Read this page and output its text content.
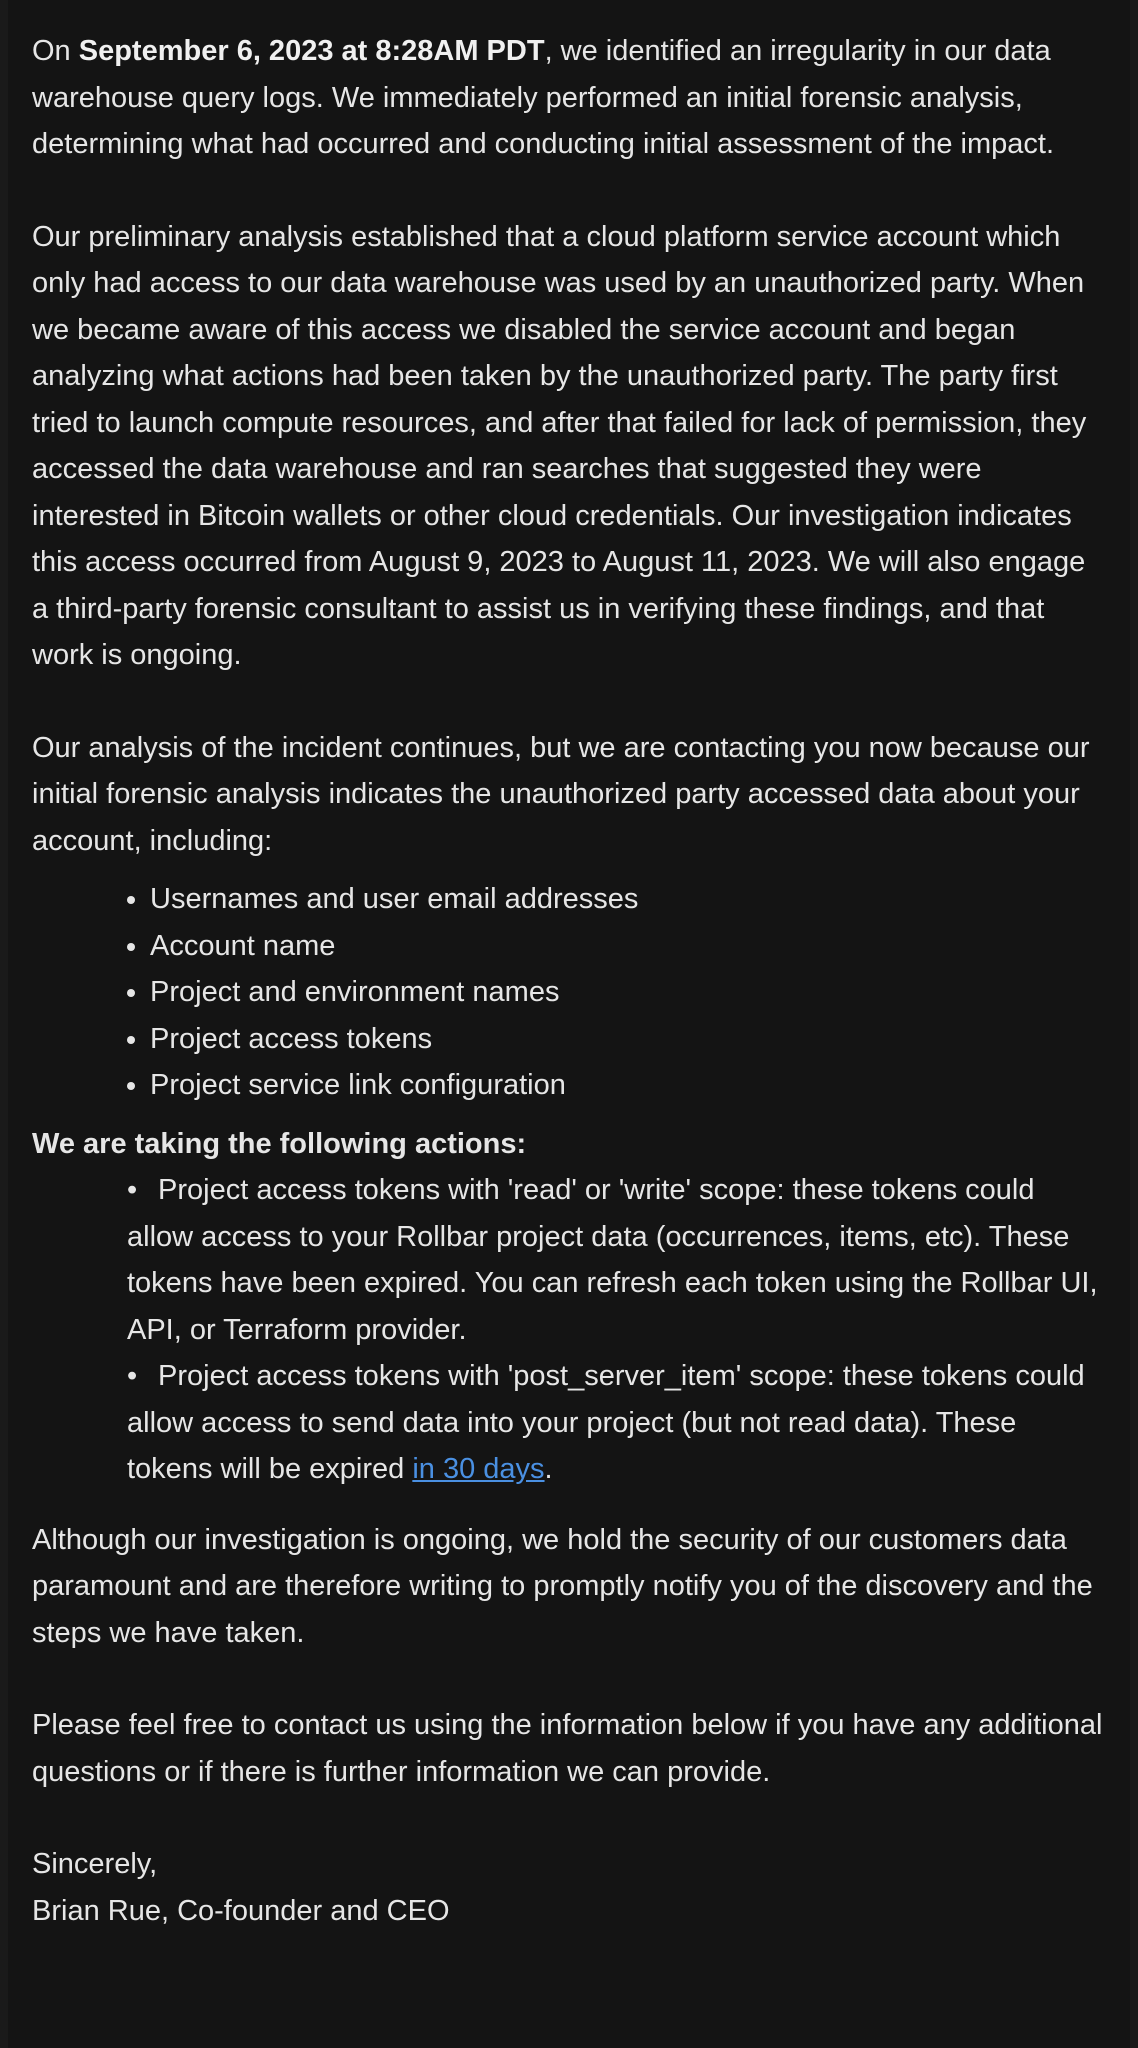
On September 6, 2023 at 8:28AM PDT, we identified an irregularity in our data warehouse query logs. We immediately performed an initial forensic analysis, determining what had occurred and conducting initial assessment of the impact.

Our preliminary analysis established that a cloud platform service account which only had access to our data warehouse was used by an unauthorized party. When we became aware of this access we disabled the service account and began analyzing what actions had been taken by the unauthorized party. The party first tried to launch compute resources, and after that failed for lack of permission, they accessed the data warehouse and ran searches that suggested they were interested in Bitcoin wallets or other cloud credentials. Our investigation indicates this access occurred from August 9, 2023 to August 11, 2023. We will also engage a third-party forensic consultant to assist us in verifying these findings, and that work is ongoing.

Our analysis of the incident continues, but we are contacting you now because our initial forensic analysis indicates the unauthorized party accessed data about your account, including:

• Usernames and user email addresses
• Account name
• Project and environment names
• Project access tokens
• Project service link configuration
We are taking the following actions:
• Project access tokens with 'read' or 'write' scope: these tokens could allow access to your Rollbar project data (occurrences, items, etc). These tokens have been expired. You can refresh each token using the Rollbar UI, API, or Terraform provider.
• Project access tokens with 'post_server_item' scope: these tokens could allow access to send data into your project (but not read data). These tokens will be expired in 30 days.

Although our investigation is ongoing, we hold the security of our customers data paramount and are therefore writing to promptly notify you of the discovery and the steps we have taken.

Please feel free to contact us using the information below if you have any additional questions or if there is further information we can provide.

Sincerely,
Brian Rue, Co-founder and CEO
